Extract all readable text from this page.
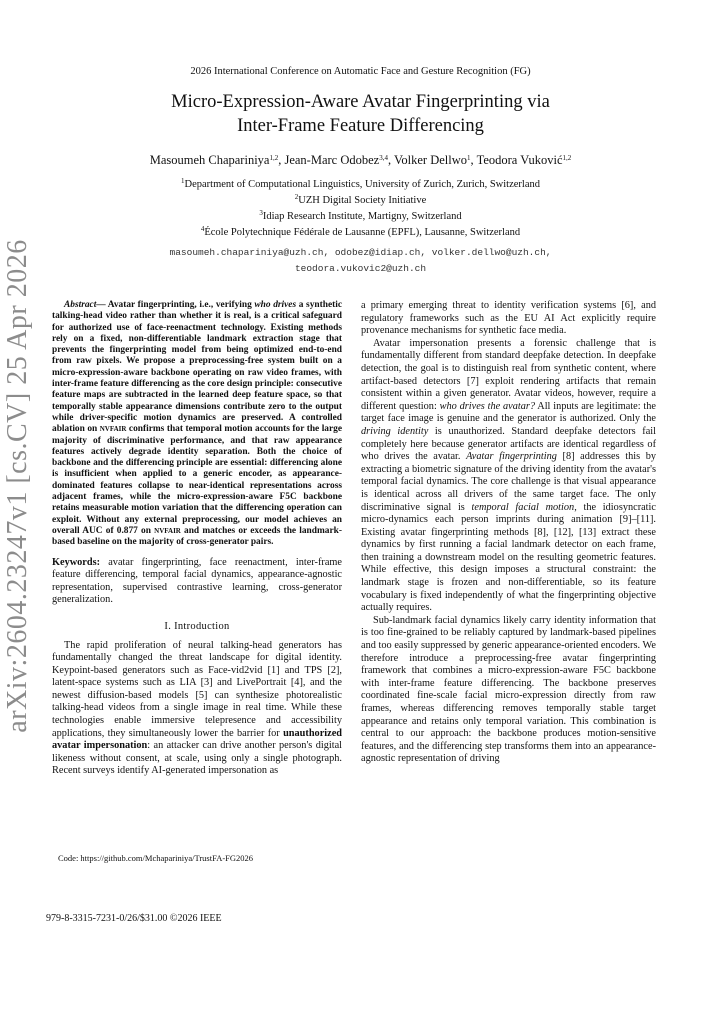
2026 International Conference on Automatic Face and Gesture Recognition (FG)
Micro-Expression-Aware Avatar Fingerprinting via
Inter-Frame Feature Differencing
Masoumeh Chapariniya$^{1,2}$, Jean-Marc Odobez$^{3,4}$, Volker Dellwo$^1$, Teodora Vuković$^{1,2}$
$^1$Department of Computational Linguistics, University of Zurich, Zurich, Switzerland
$^2$UZH Digital Society Initiative
$^3$Idiap Research Institute, Martigny, Switzerland
$^4$École Polytechnique Fédérale de Lausanne (EPFL), Lausanne, Switzerland
masoumeh.chapariniya@uzh.ch, odobez@idiap.ch, volker.dellwo@uzh.ch,
teodora.vukovic2@uzh.ch
arXiv:2604.23247v1 [cs.CV] 25 Apr 2026	Abstract— Avatar fingerprinting, i.e., verifying who drives a synthetic talking-head video rather than whether it is real, is a critical safeguard for authorized use of face-reenactment technology. Existing methods rely on a fixed, non-differentiable landmark extraction stage that prevents the fingerprinting model from being optimized end-to-end from raw pixels. We propose a preprocessing-free system built on a micro-expression-aware backbone operating on raw video frames, with inter-frame feature differencing as the core design principle: consecutive feature maps are subtracted in the learned deep feature space, so that temporally stable appearance dimensions contribute zero to the output while driver-specific motion dynamics are preserved. A controlled ablation on nvfair confirms that temporal motion accounts for the large majority of discriminative performance, and that raw appearance features actively degrade identity separation. Both the choice of backbone and the differencing principle are essential: differencing alone is insufficient when applied to a generic encoder, as appearance-dominated features collapse to near-identical representations across adjacent frames, while the micro-expression-aware F5C backbone retains measurable motion variation that the differencing operation can exploit. Without any external preprocessing, our model achieves an overall AUC of 0.877 on nvfair and matches or exceeds the landmark-based baseline on the majority of cross-generator pairs.
Keywords: avatar fingerprinting, face reenactment, inter-frame feature differencing, temporal facial dynamics, appearance-agnostic representation, supervised contrastive learning, cross-generator generalization.
I. Introduction

The rapid proliferation of neural talking-head generators has fundamentally changed the threat landscape for digital identity. Keypoint-based generators such as Face-vid2vid [1] and TPS [2], latent-space systems such as LIA [3] and LivePortrait [4], and the newest diffusion-based models [5] can synthesize photorealistic talking-head videos from a single image in real time. While these technologies enable immersive telepresence and accessibility applications, they simultaneously lower the barrier for unauthorized avatar impersonation: an attacker can drive another person's digital likeness without consent, at scale, using only a single photograph. Recent surveys identify AI-generated impersonation as

a primary emerging threat to identity verification systems [6], and regulatory frameworks such as the EU AI Act explicitly require provenance mechanisms for synthetic face media.

Avatar impersonation presents a forensic challenge that is fundamentally different from standard deepfake detection. In deepfake detection, the goal is to distinguish real from synthetic content, where artifact-based detectors [7] exploit rendering artifacts that remain consistent within a given generator. Avatar videos, however, require a different question: who drives the avatar? All inputs are legitimate: the target face image is genuine and the generator is authorized. Only the driving identity is unauthorized. Standard deepfake detectors fail completely here because generator artifacts are identical regardless of who drives the avatar. Avatar fingerprinting [8] addresses this by extracting a biometric signature of the driving identity from the avatar's temporal facial dynamics. The core challenge is that visual appearance is identical across all drivers of the same target face. The only discriminative signal is temporal facial motion, the idiosyncratic micro-dynamics each person imprints during animation [9]–[11]. Existing avatar fingerprinting methods [8], [12], [13] extract these dynamics by first running a facial landmark detector on each frame, then training a downstream model on the resulting geometric features. While effective, this design imposes a structural constraint: the landmark stage is frozen and non-differentiable, so its feature vocabulary is fixed independently of what the fingerprinting objective actually requires.

Sub-landmark facial dynamics likely carry identity information that is too fine-grained to be reliably captured by landmark-based pipelines and too easily suppressed by generic appearance-oriented encoders. We therefore introduce a preprocessing-free avatar fingerprinting framework that combines a micro-expression-aware F5C backbone with inter-frame feature differencing. The backbone preserves coordinated fine-scale facial micro-expression directly from raw frames, whereas differencing removes temporally stable target appearance and retains only temporal variation. This combination is central to our approach: the backbone produces motion-sensitive features, and the differencing step transforms them into an appearance-agnostic representation of driving

Code: https://github.com/Mchapariniya/TrustFA-FG2026
979-8-3315-7231-0/26/$31.00 ©2026 IEEE
